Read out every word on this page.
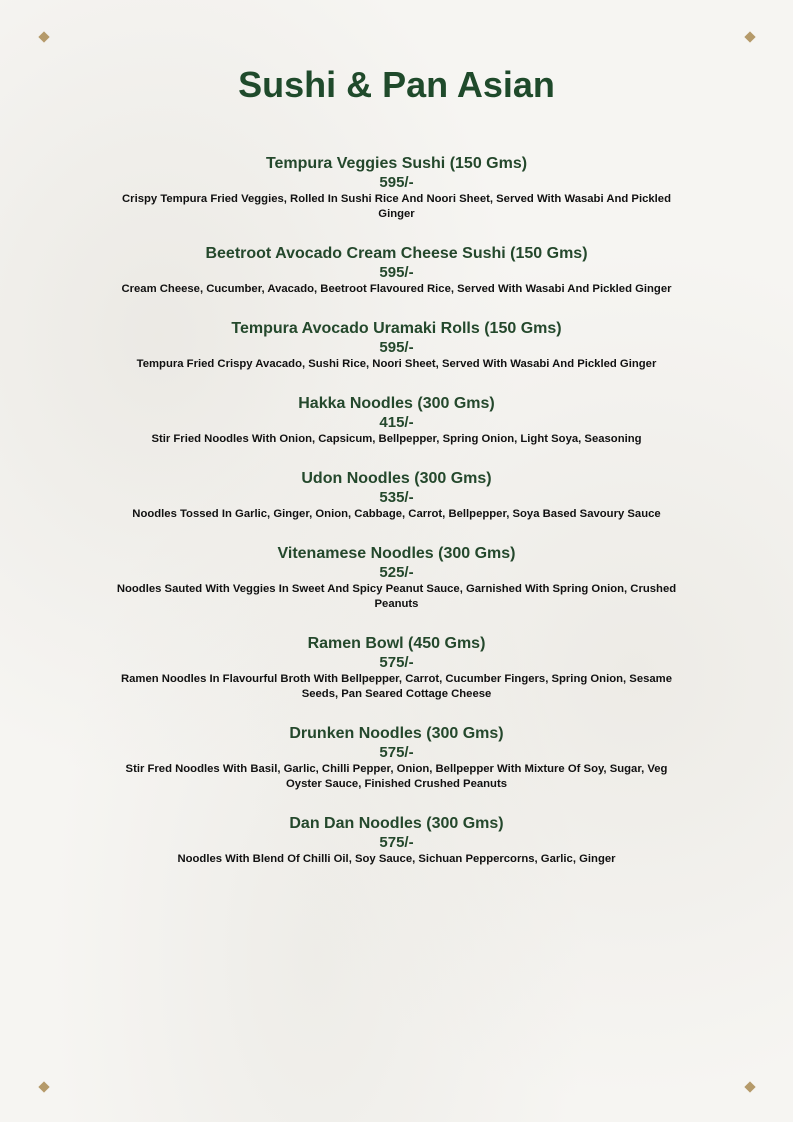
Sushi & Pan Asian
Tempura Veggies Sushi (150 Gms)
595/-
Crispy Tempura Fried Veggies, Rolled In Sushi Rice And Noori Sheet, Served With Wasabi And Pickled Ginger
Beetroot Avocado Cream Cheese Sushi (150 Gms)
595/-
Cream Cheese, Cucumber, Avacado, Beetroot Flavoured Rice, Served With Wasabi And Pickled Ginger
Tempura Avocado Uramaki Rolls (150 Gms)
595/-
Tempura Fried Crispy Avacado, Sushi Rice, Noori Sheet, Served With Wasabi And Pickled Ginger
Hakka Noodles (300 Gms)
415/-
Stir Fried Noodles With Onion, Capsicum, Bellpepper, Spring Onion, Light Soya, Seasoning
Udon Noodles (300 Gms)
535/-
Noodles Tossed In Garlic, Ginger, Onion, Cabbage, Carrot, Bellpepper, Soya Based Savoury Sauce
Vitenamese Noodles (300 Gms)
525/-
Noodles Sauted With Veggies In Sweet And Spicy Peanut Sauce, Garnished With Spring Onion, Crushed Peanuts
Ramen Bowl (450 Gms)
575/-
Ramen Noodles In Flavourful Broth With Bellpepper, Carrot, Cucumber Fingers, Spring Onion, Sesame Seeds, Pan Seared Cottage Cheese
Drunken Noodles (300 Gms)
575/-
Stir Fred Noodles With Basil, Garlic, Chilli Pepper, Onion, Bellpepper With Mixture Of Soy, Sugar, Veg Oyster Sauce, Finished Crushed Peanuts
Dan Dan Noodles (300 Gms)
575/-
Noodles With Blend Of Chilli Oil, Soy Sauce, Sichuan Peppercorns, Garlic, Ginger
